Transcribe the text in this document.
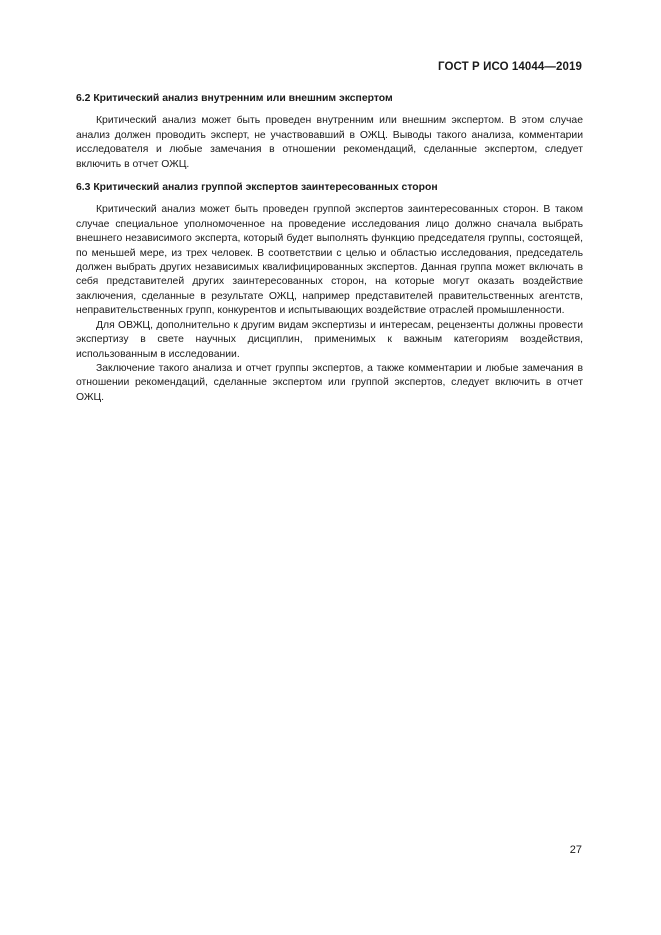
ГОСТ Р ИСО 14044—2019
6.2 Критический анализ внутренним или внешним экспертом

Критический анализ может быть проведен внутренним или внешним экспертом. В этом случае анализ должен проводить эксперт, не участвовавший в ОЖЦ. Выводы такого анализа, комментарии исследователя и любые замечания в отношении рекомендаций, сделанные экспертом, следует включить в отчет ОЖЦ.

6.3 Критический анализ группой экспертов заинтересованных сторон

Критический анализ может быть проведен группой экспертов заинтересованных сторон. В таком случае специальное уполномоченное на проведение исследования лицо должно сначала выбрать внешнего независимого эксперта, который будет выполнять функцию председателя группы, состоящей, по меньшей мере, из трех человек. В соответствии с целью и областью исследования, председатель должен выбрать других независимых квалифицированных экспертов. Данная группа может включать в себя представителей других заинтересованных сторон, на которые могут оказать воздействие заключения, сделанные в результате ОЖЦ, например представителей правительственных агентств, неправительственных групп, конкурентов и испытывающих воздействие отраслей промышленности.

Для ОВЖЦ, дополнительно к другим видам экспертизы и интересам, рецензенты должны провести экспертизу в свете научных дисциплин, применимых к важным категориям воздействия, использованным в исследовании.

Заключение такого анализа и отчет группы экспертов, а также комментарии и любые замечания в отношении рекомендаций, сделанные экспертом или группой экспертов, следует включить в отчет ОЖЦ.

27
